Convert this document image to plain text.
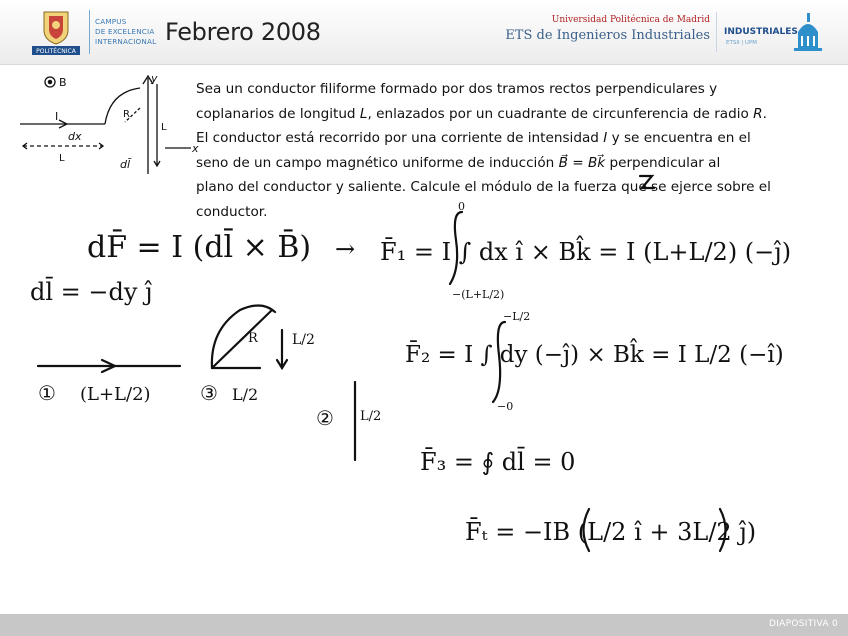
POLITÉCNICA
CAMPUS
DE EXCELENCIA
INTERNACIONAL Febrero 2008	Universidad Politécnica de Madrid
ETS de Ingenieros Industriales INDUSTRIALES
ETSII | UPM
B
I	R
L
L
dx
dl̄
y
x
Sea un conductor filiforme formado por dos tramos rectos perpendiculares y
coplanarios de longitud L, enlazados por un cuadrante de circunferencia de radio R.
El conductor está recorrido por una corriente de intensidad I y se encuentra en el
seno de un campo magnético uniforme de inducción B⃗ = Bk⃗ perpendicular al
plano del conductor y saliente. Calcule el módulo de la fuerza que se ejerce sobre el
conductor.
dF̄ = I (dl̄ × B̄) → F̄₁ = I ∫ dx î × Bk̂ = I (L+L/2) (−ĵ)
0
−(L+L/2)
dl̄ = −dy ĵ
F̄₂ = I ∫ dy (−ĵ) × Bk̂ = I L/2 (−î)
−L/2
−0
F̄₃ = ∮ dl̄ = 0
F̄ₜ = −IB (L/2 î + 3L/2 ĵ)
① (L+L/2) ③ L/2
R L/2
② L/2
DIAPOSITIVA 0
